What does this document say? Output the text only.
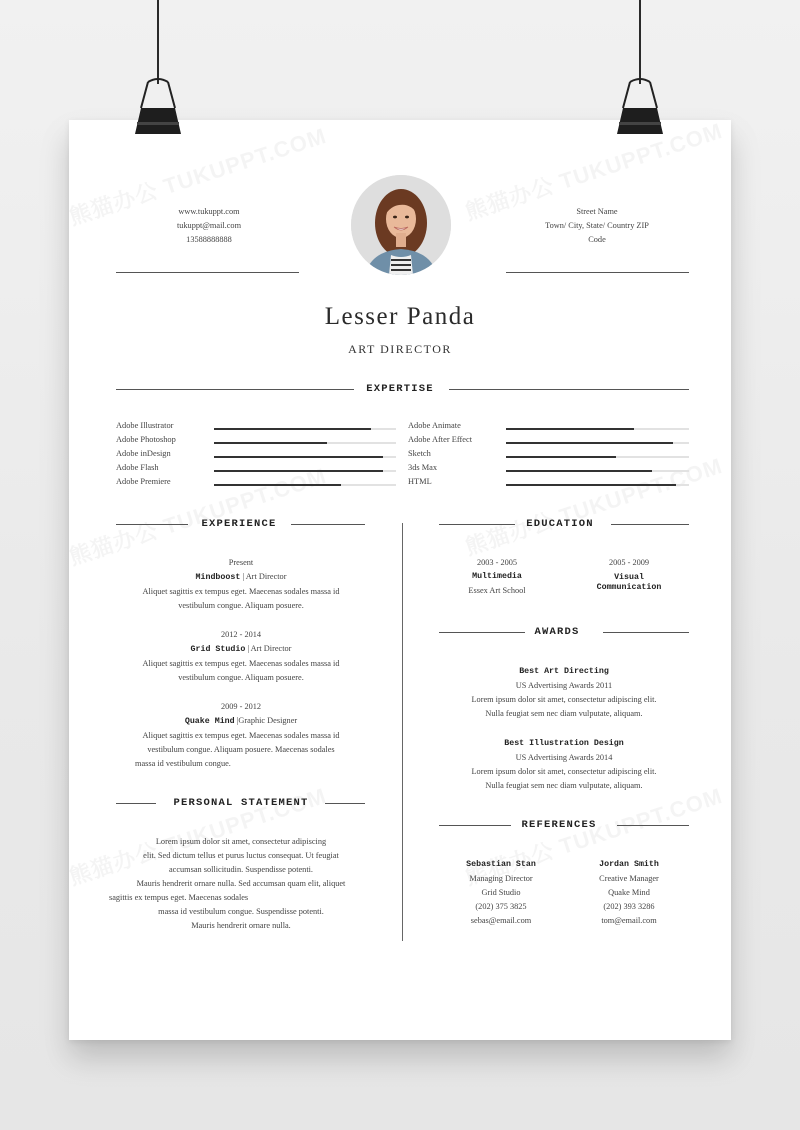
www.tukuppt.com
tukuppt@mail.com
13588888888
Street Name
Town/ City, State/ Country ZIP
Code
Lesser Panda
ART DIRECTOR
EXPERTISE
Adobe Illustrator
Adobe Photoshop
Adobe inDesign
Adobe Flash
Adobe Premiere
Adobe Animate
Adobe After Effect
Sketch
3ds Max
HTML
EXPERIENCE
Present
Mindboost | Art Director
Aliquet sagittis ex tempus eget. Maecenas sodales massa id
vestibulum congue. Aliquam posuere.
2012 - 2014
Grid Studio | Art Director
Aliquet sagittis ex tempus eget. Maecenas sodales massa id
vestibulum congue. Aliquam posuere.
2009 - 2012
Quake Mind |Graphic Designer
Aliquet sagittis ex tempus eget. Maecenas sodales massa id
vestibulum congue. Aliquam posuere. Maecenas sodales
massa id vestibulum congue.
PERSONAL STATEMENT
Lorem ipsum dolor sit amet, consectetur adipiscing
elit. Sed dictum tellus et purus luctus consequat. Ut feugiat
accumsan sollicitudin. Suspendisse potenti.
Mauris hendrerit ornare nulla. Sed accumsan quam elit, aliquet
sagittis ex tempus eget. Maecenas sodales
massa id vestibulum congue. Suspendisse potenti.
Mauris hendrerit ornare nulla.
EDUCATION
2003 - 2005
Multimedia
Essex Art School
2005 - 2009
Visual Communication
AWARDS
Best Art Directing
US Advertising Awards 2011
Lorem ipsum dolor sit amet, consectetur adipiscing elit.
Nulla feugiat sem nec diam vulputate, aliquam.
Best Illustration Design
US Advertising Awards 2014
Lorem ipsum dolor sit amet, consectetur adipiscing elit.
Nulla feugiat sem nec diam vulputate, aliquam.
REFERENCES
Sebastian Stan
Managing Director
Grid Studio
(202) 375 3825
sebas@email.com
Jordan Smith
Creative Manager
Quake Mind
(202) 393 3286
tom@email.com
